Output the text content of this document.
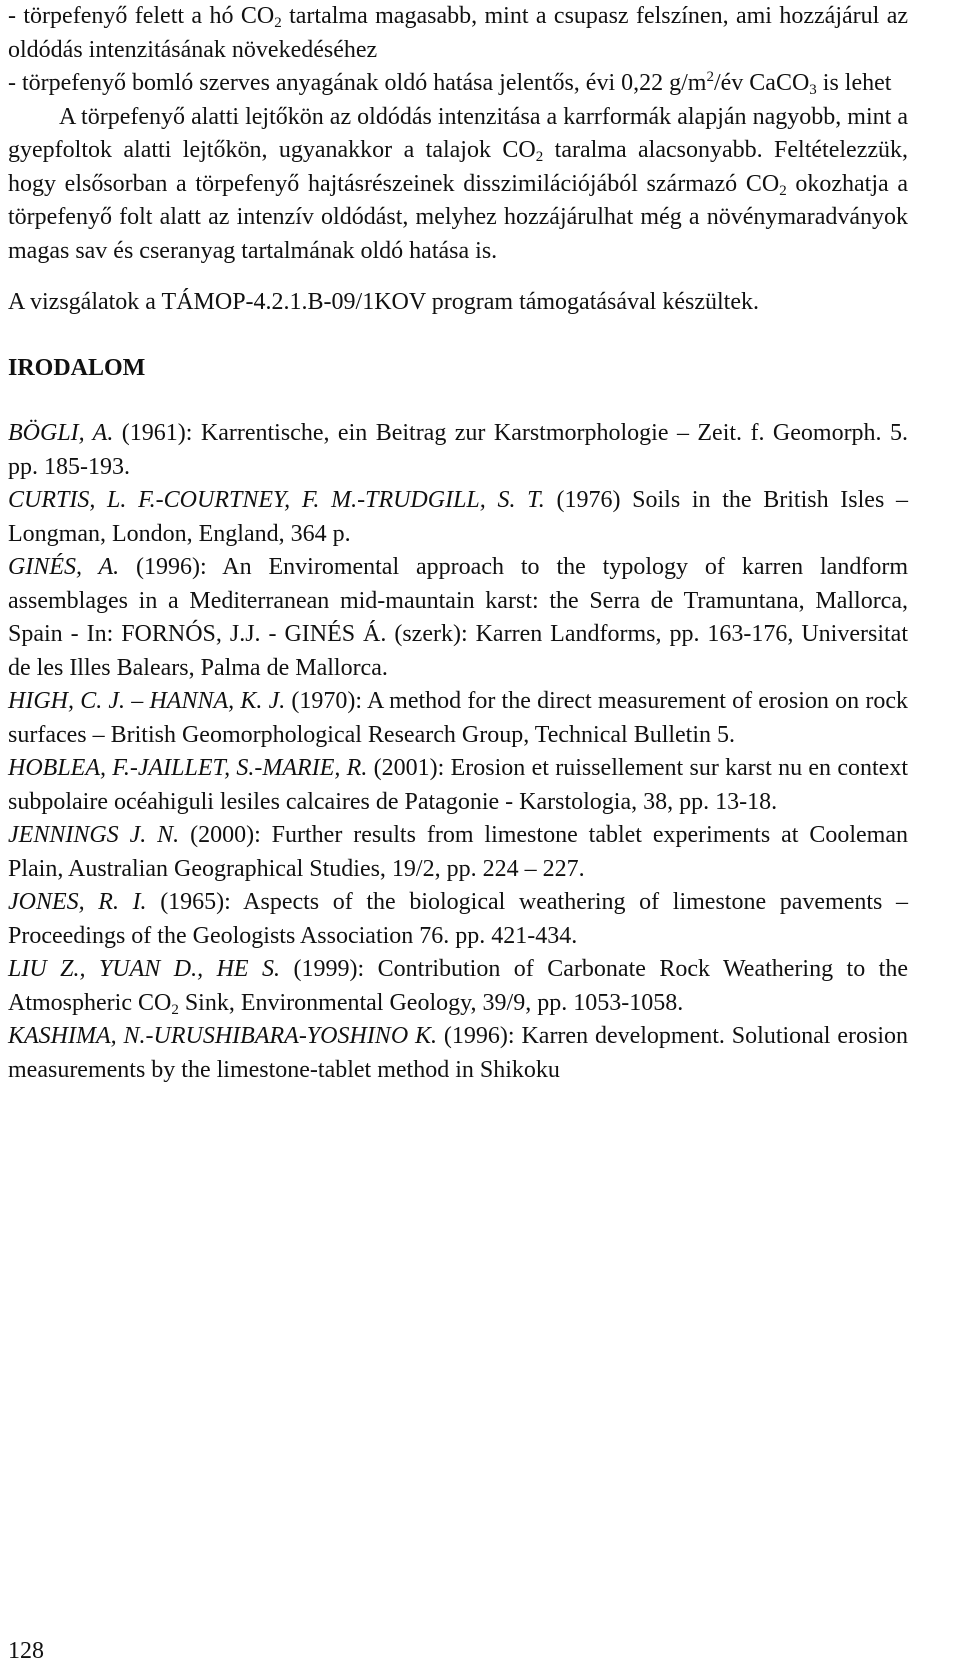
- törpefenyő felett a hó $CO_2$ tartalma magasabb, mint a csupasz felszínen, ami hozzájárul az oldódás intenzitásának növekedéséhez

- törpefenyő bomló szerves anyagának oldó hatása jelentős, évi 0,22 $g/m^2/év$ CaCO$_3$ is lehet

A törpefenyő alatti lejtőkön az oldódás intenzitása a karrformák alapján nagyobb, mint a gyepfoltok alatti lejtőkön, ugyanakkor a talajok $CO_2$ taralma alacsonyabb. Feltételezzük, hogy elsősorban a törpefenyő hajtásrészeinek disszimilációjából származó $CO_2$ okozhatja a törpefenyő folt alatt az intenzív oldódást, melyhez hozzájárulhat még a növénymaradványok magas sav és cseranyag tartalmának oldó hatása is.

A vizsgálatok a TÁMOP-4.2.1.B-09/1KOV program támogatásával készültek.

IRODALOM

BÖGLI, A. (1961): Karrentische, ein Beitrag zur Karstmorphologie – Zeit. f. Geomorph. 5. pp. 185-193.

CURTIS, L. F.-COURTNEY, F. M.-TRUDGILL, S. T. (1976) Soils in the British Isles – Longman, London, England, 364 p.

GINÉS, A. (1996): An Enviromental approach to the typology of karren landform assemblages in a Mediterranean mid-mauntain karst: the Serra de Tramuntana, Mallorca, Spain - In: FORNÓS, J.J. - GINÉS Á. (szerk): Karren Landforms, pp. 163-176, Universitat de les Illes Balears, Palma de Mallorca.

HIGH, C. J. – HANNA, K. J. (1970): A method for the direct measurement of erosion on rock surfaces – British Geomorphological Research Group, Technical Bulletin 5.

HOBLEA, F.-JAILLET, S.-MARIE, R. (2001): Erosion et ruissellement sur karst nu en context subpolaire océahiguli lesiles calcaires de Patagonie - Karstologia, 38, pp. 13-18.

JENNINGS J. N. (2000): Further results from limestone tablet experiments at Cooleman Plain, Australian Geographical Studies, 19/2, pp. 224 – 227.

JONES, R. I. (1965): Aspects of the biological weathering of limestone pavements – Proceedings of the Geologists Association 76. pp. 421-434.

LIU Z., YUAN D., HE S. (1999): Contribution of Carbonate Rock Weathering to the Atmospheric $CO_2$ Sink, Environmental Geology, 39/9, pp. 1053-1058.

KASHIMA, N.-URUSHIBARA-YOSHINO K. (1996): Karren development. Solutional erosion measurements by the limestone-tablet method in Shikoku

128
